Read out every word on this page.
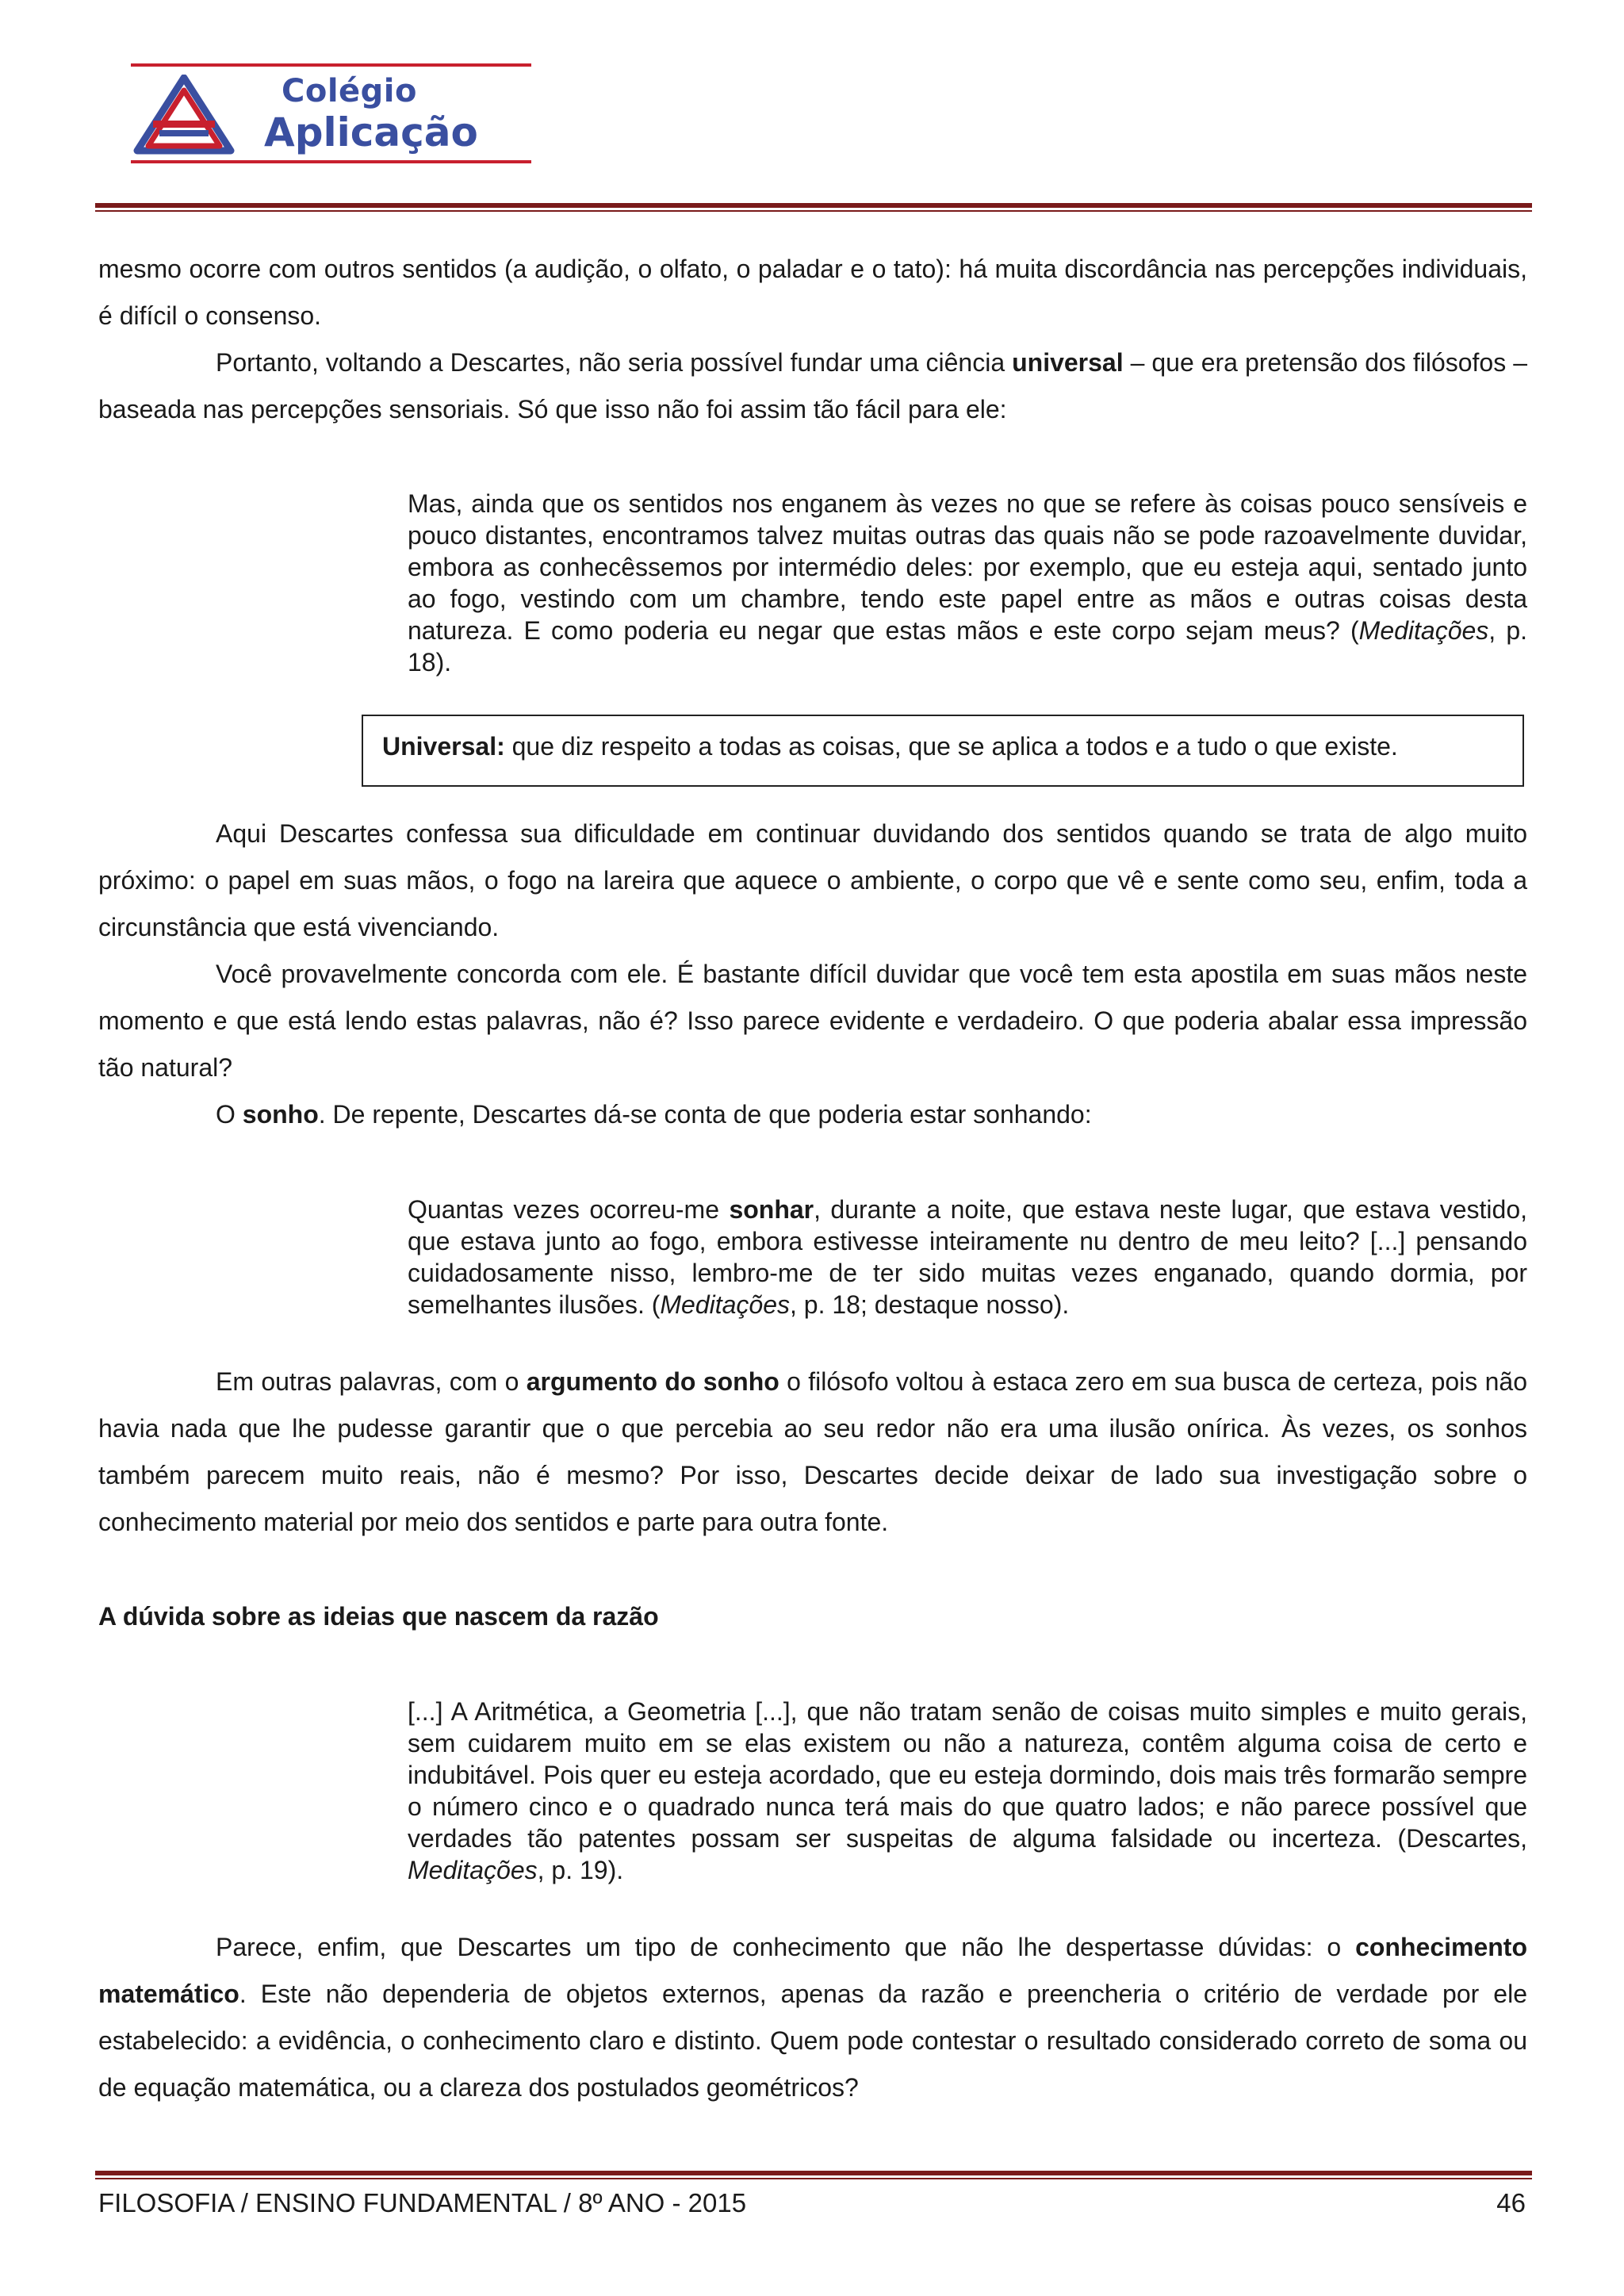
Colégio
Aplicação

mesmo ocorre com outros sentidos (a audição, o olfato, o paladar e o tato): há muita discordância nas percepções individuais, é difícil o consenso.

Portanto, voltando a Descartes, não seria possível fundar uma ciência universal – que era pretensão dos filósofos – baseada nas percepções sensoriais. Só que isso não foi assim tão fácil para ele:

Mas, ainda que os sentidos nos enganem às vezes no que se refere às coisas pouco sensíveis e pouco distantes, encontramos talvez muitas outras das quais não se pode razoavelmente duvidar, embora as conhecêssemos por intermédio deles: por exemplo, que eu esteja aqui, sentado junto ao fogo, vestindo com um chambre, tendo este papel entre as mãos e outras coisas desta natureza. E como poderia eu negar que estas mãos e este corpo sejam meus? (Meditações, p. 18).

Universal: que diz respeito a todas as coisas, que se aplica a todos e a tudo o que existe.

Aqui Descartes confessa sua dificuldade em continuar duvidando dos sentidos quando se trata de algo muito próximo: o papel em suas mãos, o fogo na lareira que aquece o ambiente, o corpo que vê e sente como seu, enfim, toda a circunstância que está vivenciando.

Você provavelmente concorda com ele. É bastante difícil duvidar que você tem esta apostila em suas mãos neste momento e que está lendo estas palavras, não é? Isso parece evidente e verdadeiro. O que poderia abalar essa impressão tão natural?

O sonho. De repente, Descartes dá-se conta de que poderia estar sonhando:

Quantas vezes ocorreu-me sonhar, durante a noite, que estava neste lugar, que estava vestido, que estava junto ao fogo, embora estivesse inteiramente nu dentro de meu leito? [...] pensando cuidadosamente nisso, lembro-me de ter sido muitas vezes enganado, quando dormia, por semelhantes ilusões. (Meditações, p. 18; destaque nosso).

Em outras palavras, com o argumento do sonho o filósofo voltou à estaca zero em sua busca de certeza, pois não havia nada que lhe pudesse garantir que o que percebia ao seu redor não era uma ilusão onírica. Às vezes, os sonhos também parecem muito reais, não é mesmo? Por isso, Descartes decide deixar de lado sua investigação sobre o conhecimento material por meio dos sentidos e parte para outra fonte.

A dúvida sobre as ideias que nascem da razão

[...] A Aritmética, a Geometria [...], que não tratam senão de coisas muito simples e muito gerais, sem cuidarem muito em se elas existem ou não a natureza, contêm alguma coisa de certo e indubitável. Pois quer eu esteja acordado, que eu esteja dormindo, dois mais três formarão sempre o número cinco e o quadrado nunca terá mais do que quatro lados; e não parece possível que verdades tão patentes possam ser suspeitas de alguma falsidade ou incerteza. (Descartes, Meditações, p. 19).

Parece, enfim, que Descartes um tipo de conhecimento que não lhe despertasse dúvidas: o conhecimento matemático. Este não dependeria de objetos externos, apenas da razão e preencheria o critério de verdade por ele estabelecido: a evidência, o conhecimento claro e distinto. Quem pode contestar o resultado considerado correto de soma ou de equação matemática, ou a clareza dos postulados geométricos?

FILOSOFIA / ENSINO FUNDAMENTAL / 8º ANO - 2015	46
